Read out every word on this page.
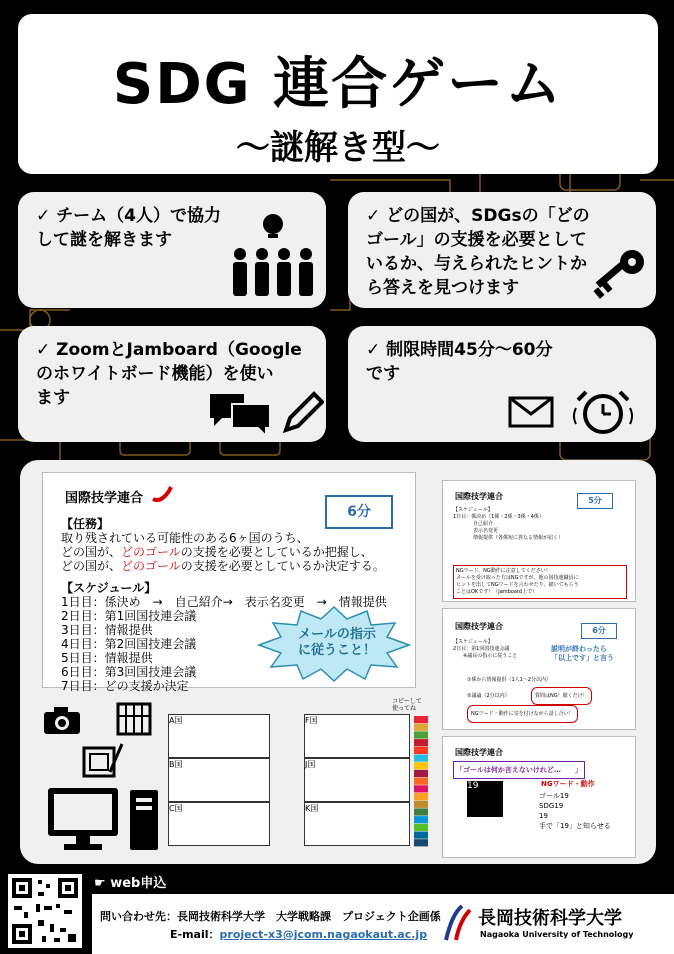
SDG 連合ゲーム
〜謎解き型〜
✓ チーム（4人）で協力
して謎を解きます
✓ どの国が、SDGsの「どの
ゴール」の支援を必要として
いるか、与えられたヒントか
ら答えを見つけます
✓ ZoomとJamboard（Google
のホワイトボード機能）を使い
ます
✓ 制限時間45分〜60分
です
国際技学連合
6分
【任務】
取り残されている可能性のある6ヶ国のうち、
どの国が、どのゴールの支援を必要としているか把握し、
どの国が、どのゴールの支援を必要としているか決定する。
【スケジュール】
1日目：係決め　→　自己紹介→　表示名変更　→　情報提供
2日目：第1回国技連会議
3日目：情報提供
4日目：第2回国技連会議
5日目：情報提供
6日目：第3回国技連会議
7日目：どの支援か決定
メールの指示
に従うこと！
A国
B国
C国
F国
J国
K国
コピーして
使ってね
国際技学連合	5分
【スケジュール】
1日目：係決め（1係・2係・3係・4係）
　　　　自己紹介
　　　　表示名変更
　　　　情報提供（各係宛に異なる情報が届く）
NGワード、NG動作に注意してください！
メールを受け取った方はNGですが、他の国技連職員に
ヒントを出してNGワードを言わせたり、描いてもらう
ことはOKです！（Jamboard上で）
国際技学連合	6分
【スケジュール】
2日目：第1回国技連会議
　　※議長の指示に従うこと
説明が終わったら
「以上です」と言う
①係から情報提供（1人1〜2分以内）
②議論（2分以内）	質問はNG！聞くだけ！
NGワード・動作に気を付けながら話し合い！
国際技学連合
「ゴールは何か言えないけれど…　　」
19	NGワード・動作
ゴール19
SDG19
19
手で「19」と知らせる
☛ web申込
問い合わせ先：長岡技術科学大学　大学戦略課　プロジェクト企画係
E-mail：project-x3@jcom.nagaokaut.ac.jp
長岡技術科学大学
Nagaoka University of Technology
